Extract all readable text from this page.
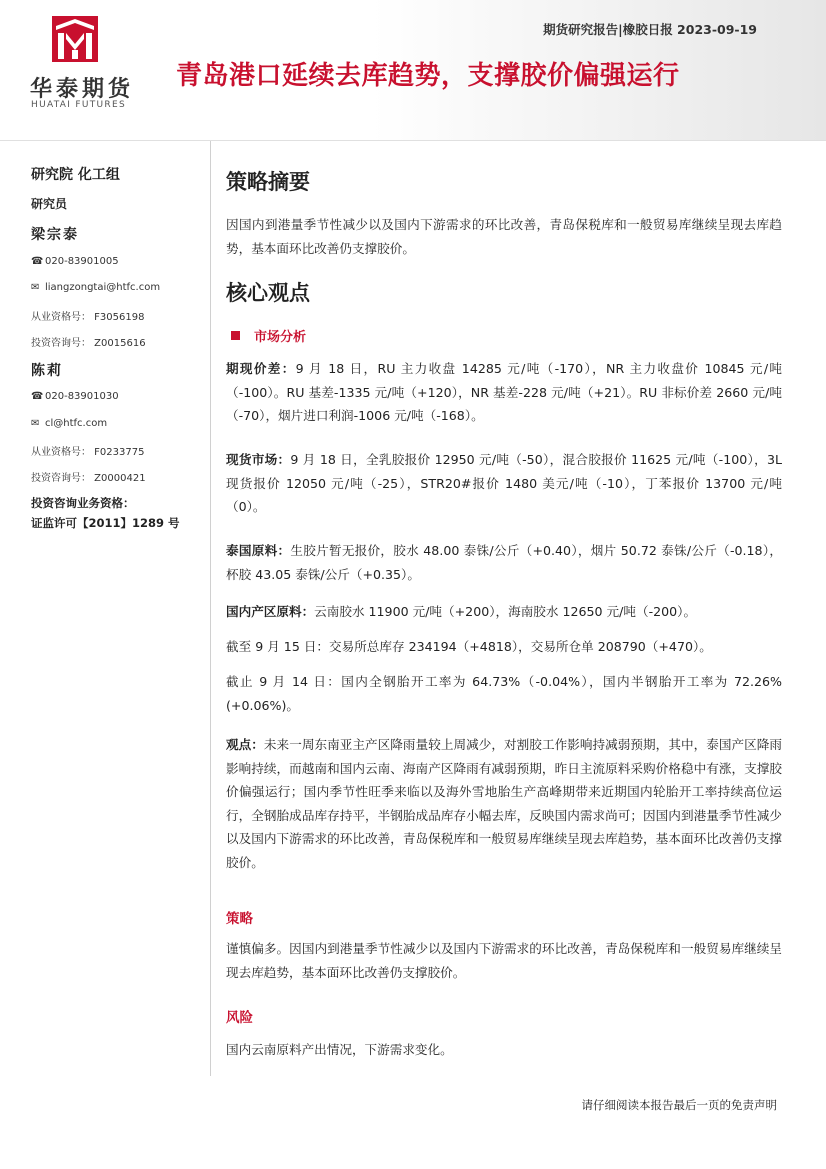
华泰期货
HUATAI FUTURES
期货研究报告|橡胶日报 2023-09-19
青岛港口延续去库趋势，支撑胶价偏强运行
研究院 化工组
研究员
梁宗泰
☎ 020-83901005
✉ liangzongtai@htfc.com
从业资格号： F3056198
投资咨询号： Z0015616
陈莉
☎ 020-83901030
✉ cl@htfc.com
从业资格号： F0233775
投资咨询号： Z0000421
投资咨询业务资格：
证监许可【2011】1289 号
策略摘要
因国内到港量季节性减少以及国内下游需求的环比改善，青岛保税库和一般贸易库继续呈现去库趋势，基本面环比改善仍支撑胶价。
核心观点
市场分析
期现价差：9 月 18 日，RU 主力收盘 14285 元/吨（-170），NR 主力收盘价 10845 元/吨（-100）。RU 基差-1335 元/吨（+120），NR 基差-228 元/吨（+21）。RU 非标价差 2660 元/吨（-70），烟片进口利润-1006 元/吨（-168）。
现货市场：9 月 18 日，全乳胶报价 12950 元/吨（-50），混合胶报价 11625 元/吨（-100），3L 现货报价 12050 元/吨（-25），STR20#报价 1480 美元/吨（-10），丁苯报价 13700 元/吨（0）。
泰国原料：生胶片暂无报价，胶水 48.00 泰铢/公斤（+0.40），烟片 50.72 泰铢/公斤（-0.18），杯胶 43.05 泰铢/公斤（+0.35）。
国内产区原料：云南胶水 11900 元/吨（+200），海南胶水 12650 元/吨（-200）。
截至 9 月 15 日：交易所总库存 234194（+4818），交易所仓单 208790（+470）。
截止 9 月 14 日：国内全钢胎开工率为 64.73%（-0.04%），国内半钢胎开工率为 72.26%(+0.06%)。
观点：未来一周东南亚主产区降雨量较上周减少，对割胶工作影响持减弱预期，其中，泰国产区降雨影响持续，而越南和国内云南、海南产区降雨有减弱预期，昨日主流原料采购价格稳中有涨，支撑胶价偏强运行；国内季节性旺季来临以及海外雪地胎生产高峰期带来近期国内轮胎开工率持续高位运行，全钢胎成品库存持平，半钢胎成品库存小幅去库，反映国内需求尚可；因国内到港量季节性减少以及国内下游需求的环比改善，青岛保税库和一般贸易库继续呈现去库趋势，基本面环比改善仍支撑胶价。
策略
谨慎偏多。因国内到港量季节性减少以及国内下游需求的环比改善，青岛保税库和一般贸易库继续呈现去库趋势，基本面环比改善仍支撑胶价。
风险
国内云南原料产出情况，下游需求变化。
请仔细阅读本报告最后一页的免责声明
